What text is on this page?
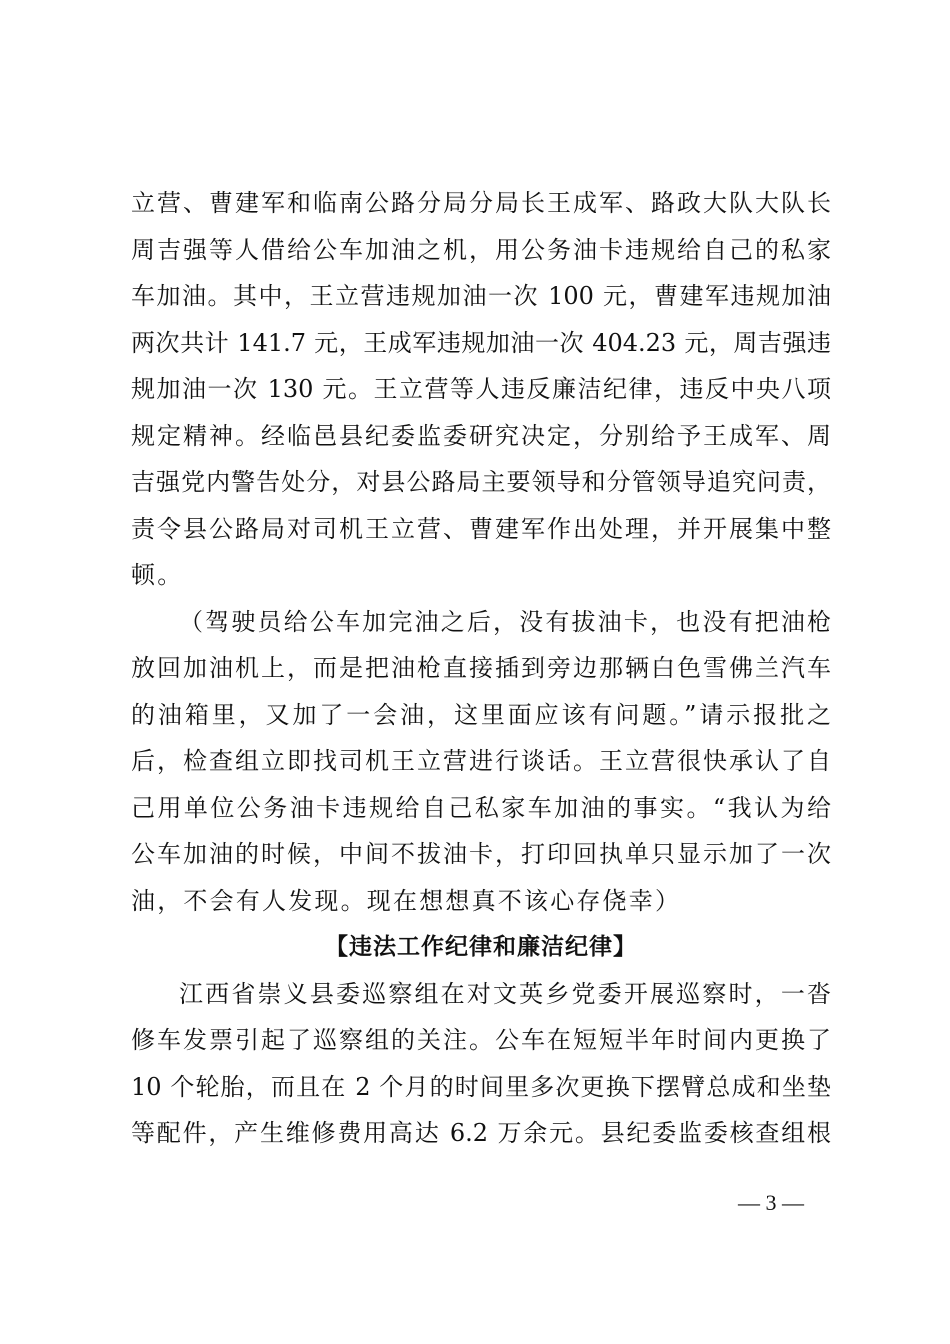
立营、曹建军和临南公路分局分局长王成军、路政大队大队长
周吉强等人借给公车加油之机，用公务油卡违规给自己的私家
车加油。其中，王立营违规加油一次 100 元，曹建军违规加油
两次共计 141.7 元，王成军违规加油一次 404.23 元，周吉强违
规加油一次 130 元。王立营等人违反廉洁纪律，违反中央八项
规定精神。经临邑县纪委监委研究决定，分别给予王成军、周
吉强党内警告处分，对县公路局主要领导和分管领导追究问责，
责令县公路局对司机王立营、曹建军作出处理，并开展集中整
顿。
（驾驶员给公车加完油之后，没有拔油卡，也没有把油枪
放回加油机上，而是把油枪直接插到旁边那辆白色雪佛兰汽车
的油箱里，又加了一会油，这里面应该有问题。”请示报批之
后，检查组立即找司机王立营进行谈话。王立营很快承认了自
己用单位公务油卡违规给自己私家车加油的事实。“我认为给
公车加油的时候，中间不拔油卡，打印回执单只显示加了一次
油，不会有人发现。现在想想真不该心存侥幸）
【违法工作纪律和廉洁纪律】
江西省崇义县委巡察组在对文英乡党委开展巡察时，一沓
修车发票引起了巡察组的关注。公车在短短半年时间内更换了
10 个轮胎，而且在 2 个月的时间里多次更换下摆臂总成和坐垫
等配件，产生维修费用高达 6.2 万余元。县纪委监委核查组根
— 3 —
